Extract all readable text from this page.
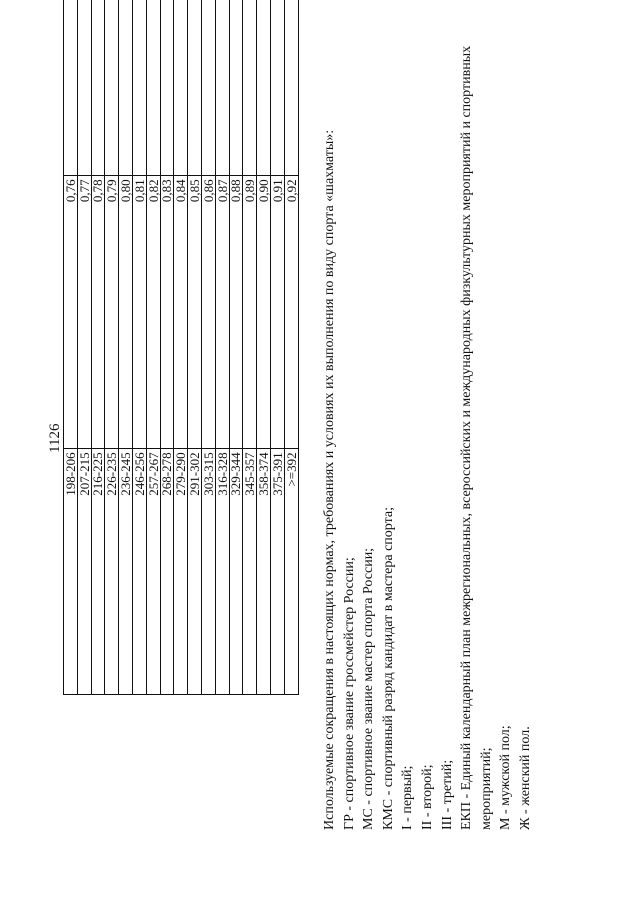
1126
198-206	0,76	
207-215	0,77	
216-225	0,78	
226-235	0,79	
236-245	0,80	
246-256	0,81	
257-267	0,82	
268-278	0,83	
279-290	0,84	
291-302	0,85	
303-315	0,86	
316-328	0,87	
329-344	0,88	
345-357	0,89	
358-374	0,90	
375-391	0,91	
>=392	0,92	Используемые сокращения в настоящих нормах, требованиях и условиях их выполнения по виду спорта «шахматы»: ГР - спортивное звание гроссмейстер России; МС - спортивное звание мастер спорта России; КМС - спортивный разряд кандидат в мастера спорта; I - первый; II - второй; III - третий; ЕКП - Единый календарный план межрегиональных, всероссийских и международных физкультурных мероприятий и спортивных мероприятий; М - мужской пол; Ж - женский пол.
